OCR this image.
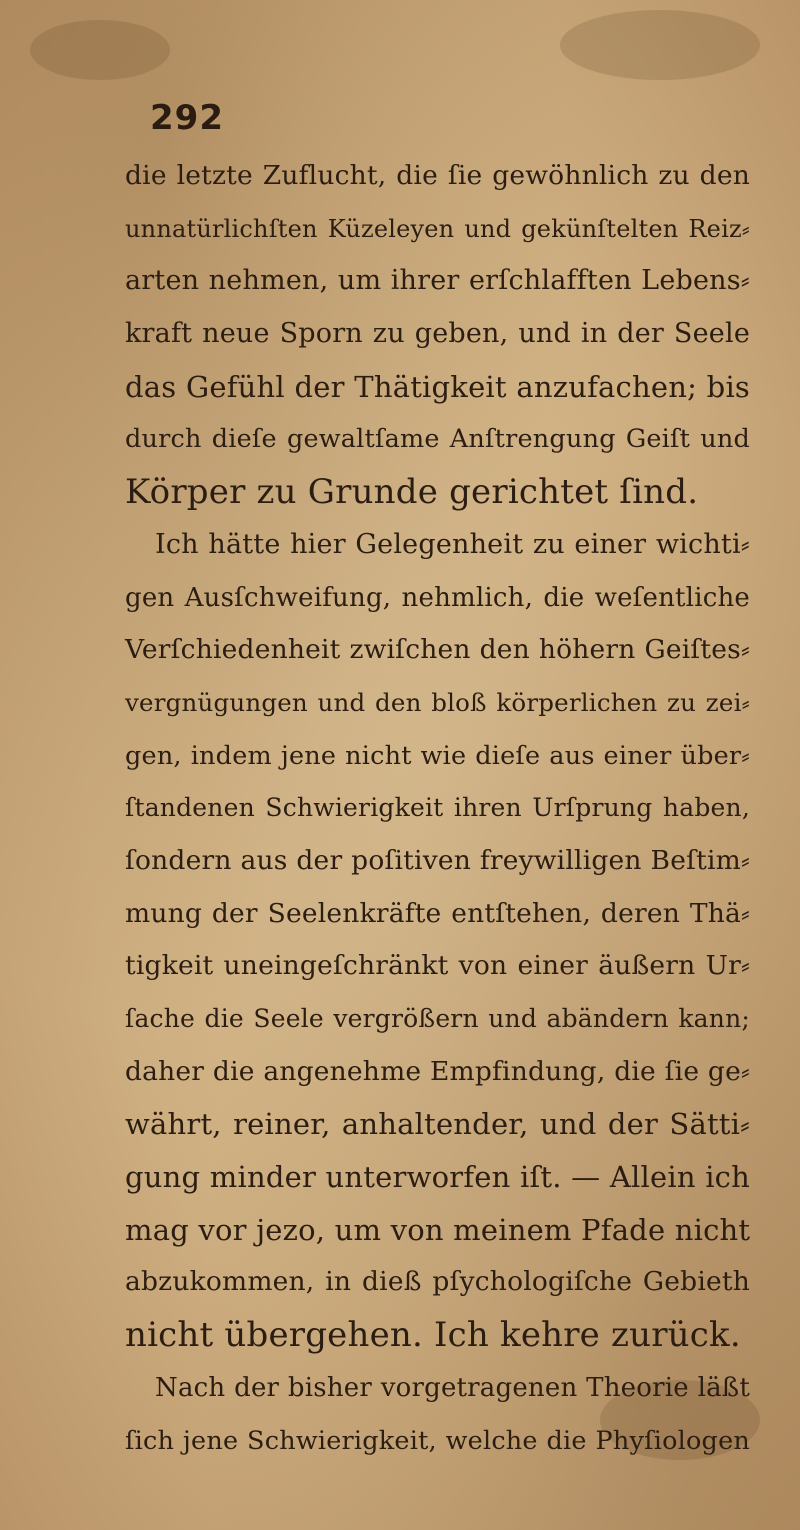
292
die letzte Zuflucht, die ſie gewöhnlich zu den
unnatürlichſten Küzeleyen und gekünſtelten Reiz⸗
arten nehmen, um ihrer erſchlafften Lebens⸗
kraft neue Sporn zu geben, und in der Seele
das Gefühl der Thätigkeit anzufachen; bis
durch dieſe gewaltſame Anſtrengung Geiſt und
Körper zu Grunde gerichtet ſind.
Ich hätte hier Gelegenheit zu einer wichti⸗
gen Ausſchweifung, nehmlich, die weſentliche
Verſchiedenheit zwiſchen den höhern Geiſtes⸗
vergnügungen und den bloß körperlichen zu zei⸗
gen, indem jene nicht wie dieſe aus einer über⸗
ſtandenen Schwierigkeit ihren Urſprung haben,
ſondern aus der poſitiven freywilligen Beſtim⸗
mung der Seelenkräfte entſtehen, deren Thä⸗
tigkeit uneingeſchränkt von einer äußern Ur⸗
ſache die Seele vergrößern und abändern kann;
daher die angenehme Empfindung, die ſie ge⸗
währt, reiner, anhaltender, und der Sätti⸗
gung minder unterworfen iſt. — Allein ich
mag vor jezo, um von meinem Pfade nicht
abzukommen, in dieß pſychologiſche Gebieth
nicht übergehen. Ich kehre zurück.
Nach der bisher vorgetragenen Theorie läßt
ſich jene Schwierigkeit, welche die Phyſiologen
